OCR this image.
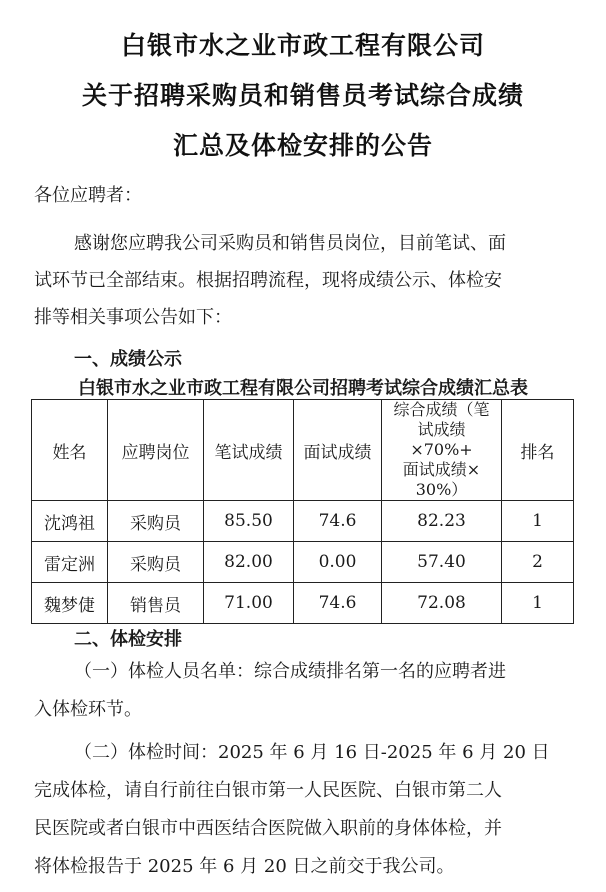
白银市水之业市政工程有限公司
关于招聘采购员和销售员考试综合成绩
汇总及体检安排的公告
各位应聘者：
感谢您应聘我公司采购员和销售员岗位，目前笔试、面
试环节已全部结束。根据招聘流程，现将成绩公示、体检安
排等相关事项公告如下：
一、成绩公示
白银市水之业市政工程有限公司招聘考试综合成绩汇总表
姓名	应聘岗位	笔试成绩	面试成绩	综合成绩（笔
试成绩×70%+
面试成绩×
30%）	排名
沈鸿祖	采购员	85.50	74.6	82.23	1
雷定洲	采购员	82.00	0.00	57.40	2
魏梦倢	销售员	71.00	74.6	72.08	1
二、体检安排
（一）体检人员名单：综合成绩排名第一名的应聘者进
入体检环节。
（二）体检时间：2025 年 6 月 16 日-2025 年 6 月 20 日
完成体检，请自行前往白银市第一人民医院、白银市第二人
民医院或者白银市中西医结合医院做入职前的身体体检，并
将体检报告于 2025 年 6 月 20 日之前交于我公司。
